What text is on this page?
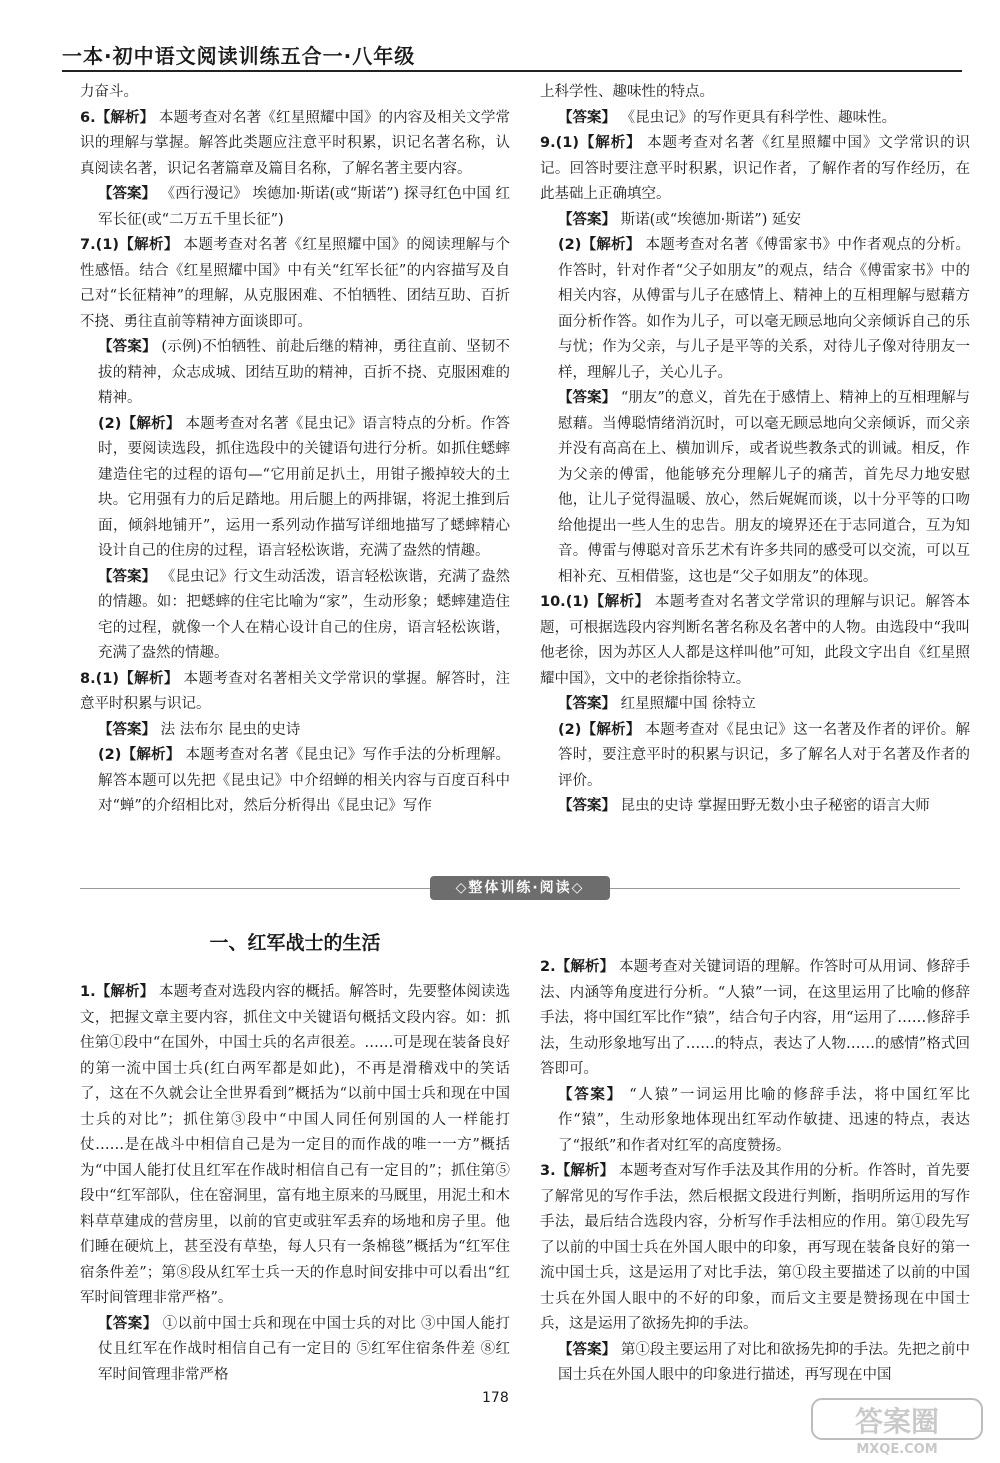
一本·初中语文阅读训练五合一·八年级

力奋斗。

6.【解析】 本题考查对名著《红星照耀中国》的内容及相关文学常识的理解与掌握。解答此类题应注意平时积累，识记名著名称，认真阅读名著，识记名著篇章及篇目名称，了解名著主要内容。

【答案】 《西行漫记》 埃德加·斯诺(或“斯诺”) 探寻红色中国 红军长征(或“二万五千里长征”)

7.(1)【解析】 本题考查对名著《红星照耀中国》的阅读理解与个性感悟。结合《红星照耀中国》中有关“红军长征”的内容描写及自己对“长征精神”的理解，从克服困难、不怕牺牲、团结互助、百折不挠、勇往直前等精神方面谈即可。

【答案】 (示例)不怕牺牲、前赴后继的精神，勇往直前、坚韧不拔的精神，众志成城、团结互助的精神，百折不挠、克服困难的精神。

(2)【解析】 本题考查对名著《昆虫记》语言特点的分析。作答时，要阅读选段，抓住选段中的关键语句进行分析。如抓住蟋蟀建造住宅的过程的语句—“它用前足扒土，用钳子搬掉较大的土块。它用强有力的后足踏地。用后腿上的两排锯，将泥土推到后面，倾斜地铺开”，运用一系列动作描写详细地描写了蟋蟀精心设计自己的住房的过程，语言轻松诙谐，充满了盎然的情趣。

【答案】 《昆虫记》行文生动活泼，语言轻松诙谐，充满了盎然的情趣。如：把蟋蟀的住宅比喻为“家”，生动形象；蟋蟀建造住宅的过程，就像一个人在精心设计自己的住房，语言轻松诙谐，充满了盎然的情趣。

8.(1)【解析】 本题考查对名著相关文学常识的掌握。解答时，注意平时积累与识记。

【答案】 法 法布尔 昆虫的史诗

(2)【解析】 本题考查对名著《昆虫记》写作手法的分析理解。解答本题可以先把《昆虫记》中介绍蝉的相关内容与百度百科中对“蝉”的介绍相比对，然后分析得出《昆虫记》写作

上科学性、趣味性的特点。

【答案】 《昆虫记》的写作更具有科学性、趣味性。

9.(1)【解析】 本题考查对名著《红星照耀中国》文学常识的识记。回答时要注意平时积累，识记作者，了解作者的写作经历，在此基础上正确填空。

【答案】 斯诺(或“埃德加·斯诺”) 延安

(2)【解析】 本题考查对名著《傅雷家书》中作者观点的分析。作答时，针对作者“父子如朋友”的观点，结合《傅雷家书》中的相关内容，从傅雷与儿子在感情上、精神上的互相理解与慰藉方面分析作答。如作为儿子，可以毫无顾忌地向父亲倾诉自己的乐与忧；作为父亲，与儿子是平等的关系，对待儿子像对待朋友一样，理解儿子，关心儿子。

【答案】 “朋友”的意义，首先在于感情上、精神上的互相理解与慰藉。当傅聪情绪消沉时，可以毫无顾忌地向父亲倾诉，而父亲并没有高高在上、横加训斥，或者说些教条式的训诫。相反，作为父亲的傅雷，他能够充分理解儿子的痛苦，首先尽力地安慰他，让儿子觉得温暖、放心，然后娓娓而谈，以十分平等的口吻给他提出一些人生的忠告。朋友的境界还在于志同道合，互为知音。傅雷与傅聪对音乐艺术有许多共同的感受可以交流，可以互相补充、互相借鉴，这也是“父子如朋友”的体现。

10.(1)【解析】 本题考查对名著文学常识的理解与识记。解答本题，可根据选段内容判断名著名称及名著中的人物。由选段中“我叫他老徐，因为苏区人人都是这样叫他”可知，此段文字出自《红星照耀中国》，文中的老徐指徐特立。

【答案】 红星照耀中国 徐特立

(2)【解析】 本题考查对《昆虫记》这一名著及作者的评价。解答时，要注意平时的积累与识记，多了解名人对于名著及作者的评价。

【答案】 昆虫的史诗 掌握田野无数小虫子秘密的语言大师

◇整体训练·阅读◇
一、红军战士的生活

1.【解析】 本题考查对选段内容的概括。解答时，先要整体阅读选文，把握文章主要内容，抓住文中关键语句概括文段内容。如：抓住第①段中“在国外，中国士兵的名声很差。……可是现在装备良好的第一流中国士兵(红白两军都是如此)，不再是滑稽戏中的笑话了，这在不久就会让全世界看到”概括为“以前中国士兵和现在中国士兵的对比”；抓住第③段中“中国人同任何别国的人一样能打仗……是在战斗中相信自己是为一定目的而作战的唯一一方”概括为“中国人能打仗且红军在作战时相信自己有一定目的”；抓住第⑤段中“红军部队，住在窑洞里，富有地主原来的马厩里，用泥土和木料草草建成的营房里，以前的官吏或驻军丢弃的场地和房子里。他们睡在硬炕上，甚至没有草垫，每人只有一条棉毯”概括为“红军住宿条件差”；第⑧段从红军士兵一天的作息时间安排中可以看出“红军时间管理非常严格”。

【答案】 ①以前中国士兵和现在中国士兵的对比 ③中国人能打仗且红军在作战时相信自己有一定目的 ⑤红军住宿条件差 ⑧红军时间管理非常严格

2.【解析】 本题考查对关键词语的理解。作答时可从用词、修辞手法、内涵等角度进行分析。“人猿”一词，在这里运用了比喻的修辞手法，将中国红军比作“猿”，结合句子内容，用“运用了……修辞手法，生动形象地写出了……的特点，表达了人物……的感情”格式回答即可。

【答案】 “人猿”一词运用比喻的修辞手法，将中国红军比作“猿”，生动形象地体现出红军动作敏捷、迅速的特点，表达了“报纸”和作者对红军的高度赞扬。

3.【解析】 本题考查对写作手法及其作用的分析。作答时，首先要了解常见的写作手法，然后根据文段进行判断，指明所运用的写作手法，最后结合选段内容，分析写作手法相应的作用。第①段先写了以前的中国士兵在外国人眼中的印象，再写现在装备良好的第一流中国士兵，这是运用了对比手法，第①段主要描述了以前的中国士兵在外国人眼中的不好的印象，而后文主要是赞扬现在中国士兵，这是运用了欲扬先抑的手法。

【答案】 第①段主要运用了对比和欲扬先抑的手法。先把之前中国士兵在外国人眼中的印象进行描述，再写现在中国

178
答案圈
MXQE.COM
